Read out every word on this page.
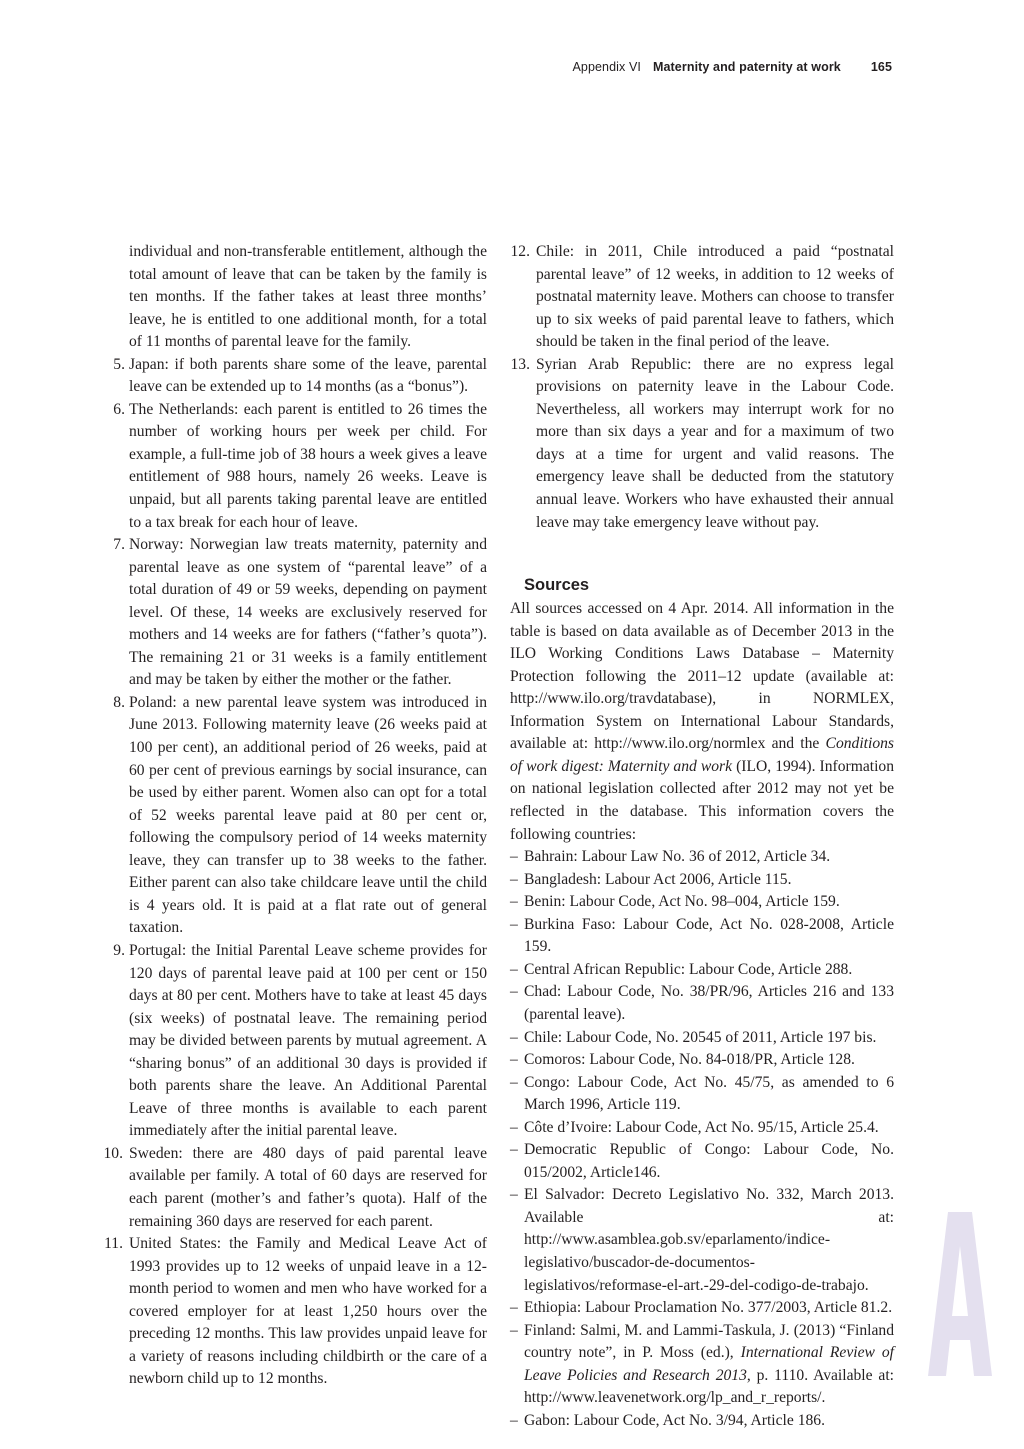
Appendix VI Maternity and paternity at work 165

individual and non-transferable entitlement, although the total amount of leave that can be taken by the family is ten months. If the father takes at least three months’ leave, he is entitled to one additional month, for a total of 11 months of parental leave for the family.

5. Japan: if both parents share some of the leave, parental leave can be extended up to 14 months (as a “bonus”).
6. The Netherlands: each parent is entitled to 26 times the number of working hours per week per child. For example, a full-time job of 38 hours a week gives a leave entitlement of 988 hours, namely 26 weeks. Leave is unpaid, but all parents taking parental leave are entitled to a tax break for each hour of leave.
7. Norway: Norwegian law treats maternity, paternity and parental leave as one system of “parental leave” of a total duration of 49 or 59 weeks, depending on payment level. Of these, 14 weeks are exclusively reserved for mothers and 14 weeks are for fathers (“father’s quota”). The remaining 21 or 31 weeks is a family entitlement and may be taken by either the mother or the father.
8. Poland: a new parental leave system was introduced in June 2013. Following maternity leave (26 weeks paid at 100 per cent), an additional period of 26 weeks, paid at 60 per cent of previous earnings by social insurance, can be used by either parent. Women also can opt for a total of 52 weeks parental leave paid at 80 per cent or, following the compulsory period of 14 weeks maternity leave, they can transfer up to 38 weeks to the father. Either parent can also take childcare leave until the child is 4 years old. It is paid at a flat rate out of general taxation.
9. Portugal: the Initial Parental Leave scheme provides for 120 days of parental leave paid at 100 per cent or 150 days at 80 per cent. Mothers have to take at least 45 days (six weeks) of postnatal leave. The remaining period may be divided between parents by mutual agreement. A “sharing bonus” of an additional 30 days is provided if both parents share the leave. An Additional Parental Leave of three months is available to each parent immediately after the initial parental leave.
10. Sweden: there are 480 days of paid parental leave available per family. A total of 60 days are reserved for each parent (mother’s and father’s quota). Half of the remaining 360 days are reserved for each parent.
11. United States: the Family and Medical Leave Act of 1993 provides up to 12 weeks of unpaid leave in a 12-month period to women and men who have worked for a covered employer for at least 1,250 hours over the preceding 12 months. This law provides unpaid leave for a variety of reasons including childbirth or the care of a newborn child up to 12 months.
12. Chile: in 2011, Chile introduced a paid “postnatal parental leave” of 12 weeks, in addition to 12 weeks of postnatal maternity leave. Mothers can choose to transfer up to six weeks of paid parental leave to fathers, which should be taken in the final period of the leave.
13. Syrian Arab Republic: there are no express legal provisions on paternity leave in the Labour Code. Nevertheless, all workers may interrupt work for no more than six days a year and for a maximum of two days at a time for urgent and valid reasons. The emergency leave shall be deducted from the statutory annual leave. Workers who have exhausted their annual leave may take emergency leave without pay.
Sources

All sources accessed on 4 Apr. 2014. All information in the table is based on data available as of December 2013 in the ILO Working Conditions Laws Database – Maternity Protection following the 2011–12 update (available at: http://www.ilo.org/travdatabase), in NORMLEX, Information System on International Labour Standards, available at: http://www.ilo.org/normlex and the Conditions of work digest: Maternity and work (ILO, 1994). Information on national legislation collected after 2012 may not yet be reflected in the database. This information covers the following countries:

– Bahrain: Labour Law No. 36 of 2012, Article 34.
– Bangladesh: Labour Act 2006, Article 115.
– Benin: Labour Code, Act No. 98–004, Article 159.
– Burkina Faso: Labour Code, Act No. 028-2008, Article 159.
– Central African Republic: Labour Code, Article 288.
– Chad: Labour Code, No. 38/PR/96, Articles 216 and 133 (parental leave).
– Chile: Labour Code, No. 20545 of 2011, Article 197 bis.
– Comoros: Labour Code, No. 84-018/PR, Article 128.
– Congo: Labour Code, Act No. 45/75, as amended to 6 March 1996, Article 119.
– Côte d’Ivoire: Labour Code, Act No. 95/15, Article 25.4.
– Democratic Republic of Congo: Labour Code, No. 015/2002, Article146.
– El Salvador: Decreto Legislativo No. 332, March 2013. Available at: http://www.asamblea.gob.sv/eparlamento/indice-legislativo/buscador-de-documentos-legislativos/reformase-el-art.-29-del-codigo-de-trabajo.
– Ethiopia: Labour Proclamation No. 377/2003, Article 81.2.
– Finland: Salmi, M. and Lammi-Taskula, J. (2013) “Finland country note”, in P. Moss (ed.), International Review of Leave Policies and Research 2013, p. 1110. Available at: http://www.leavenetwork.org/lp_and_r_reports/.
– Gabon: Labour Code, Act No. 3/94, Article 186.
